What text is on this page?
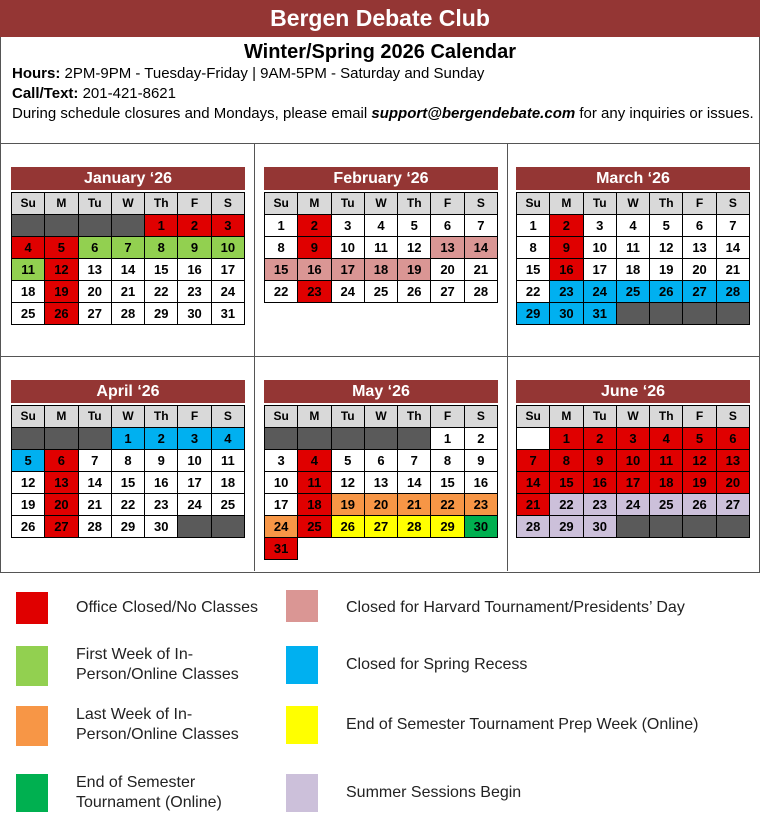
Bergen Debate Club
Winter/Spring 2026 Calendar
Hours: 2PM-9PM - Tuesday-Friday | 9AM-5PM - Saturday and Sunday
Call/Text: 201-421-8621
During schedule closures and Mondays, please email support@bergendebate.com for any inquiries or issues.
January ‘26
Su	M	Tu	W	Th	F	S
				1	2	3
4	5	6	7	8	9	10
11	12	13	14	15	16	17
18	19	20	21	22	23	24
25	26	27	28	29	30	31
February ‘26
Su	M	Tu	W	Th	F	S
1	2	3	4	5	6	7
8	9	10	11	12	13	14
15	16	17	18	19	20	21
22	23	24	25	26	27	28
March ‘26
Su	M	Tu	W	Th	F	S
1	2	3	4	5	6	7
8	9	10	11	12	13	14
15	16	17	18	19	20	21
22	23	24	25	26	27	28
29	30	31				
April ‘26
Su	M	Tu	W	Th	F	S
			1	2	3	4
5	6	7	8	9	10	11
12	13	14	15	16	17	18
19	20	21	22	23	24	25
26	27	28	29	30		
May ‘26
Su	M	Tu	W	Th	F	S
					1	2
3	4	5	6	7	8	9
10	11	12	13	14	15	16
17	18	19	20	21	22	23
24	25	26	27	28	29	30
31						
June ‘26
Su	M	Tu	W	Th	F	S
	1	2	3	4	5	6
7	8	9	10	11	12	13
14	15	16	17	18	19	20
21	22	23	24	25	26	27
28	29	30				
Office Closed/No Classes
First Week of In-Person/Online Classes
Last Week of In-Person/Online Classes
End of Semester Tournament (Online)
Closed for Harvard Tournament/Presidents’ Day
Closed for Spring Recess
End of Semester Tournament Prep Week (Online)
Summer Sessions Begin
